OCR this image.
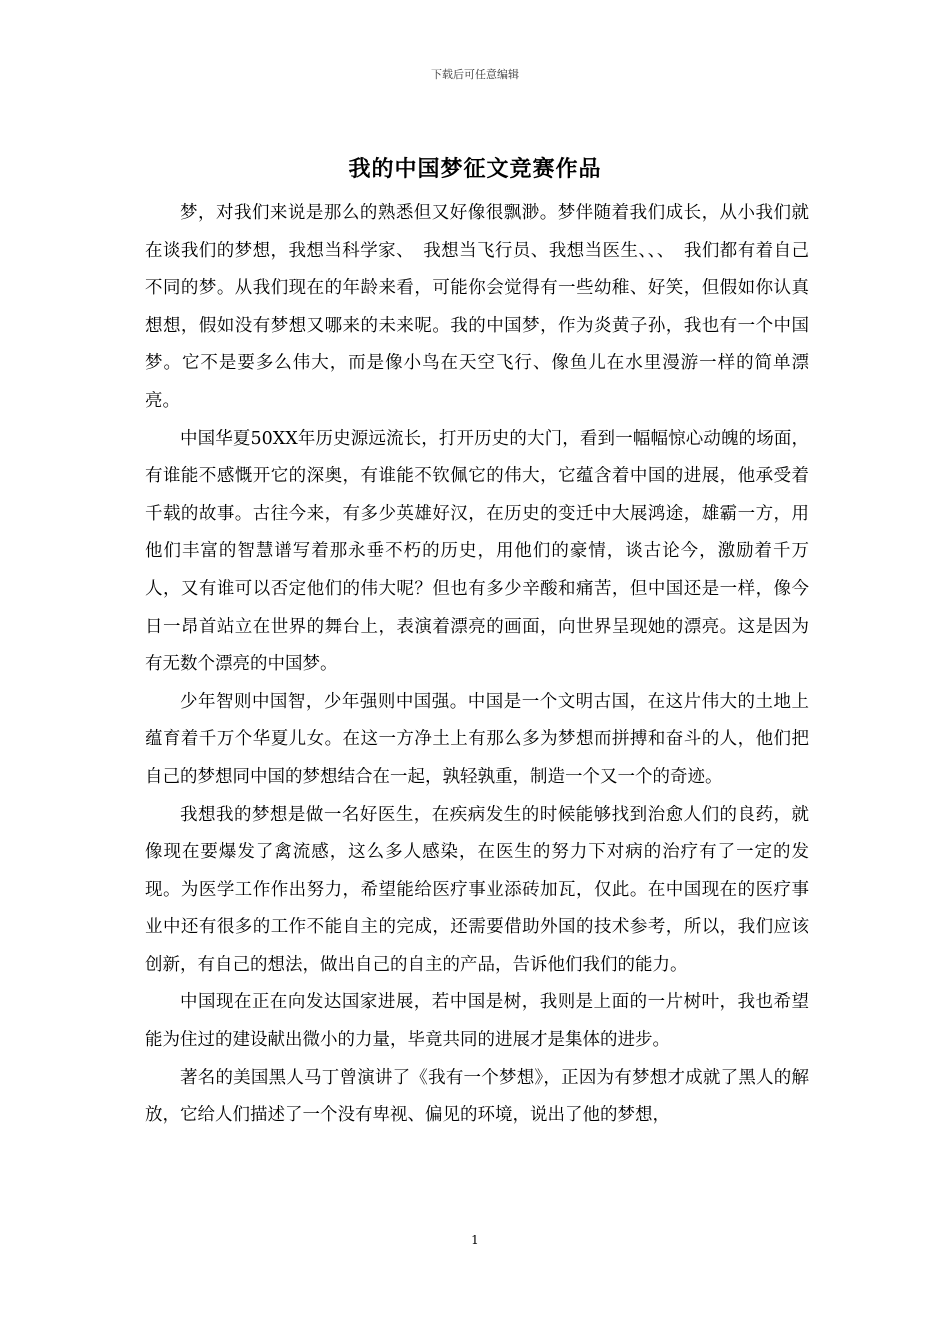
下载后可任意编辑
我的中国梦征文竞赛作品

梦，对我们来说是那么的熟悉但又好像很飘渺。梦伴随着我们成长，从小我们就在谈我们的梦想，我想当科学家、　我想当飞行员、我想当医生、、、　我们都有着自己不同的梦。从我们现在的年龄来看，可能你会觉得有一些幼稚、好笑，但假如你认真想想，假如没有梦想又哪来的未来呢。我的中国梦，作为炎黄子孙，我也有一个中国梦。它不是要多么伟大，而是像小鸟在天空飞行、像鱼儿在水里漫游一样的简单漂亮。

中国华夏50XX年历史源远流长，打开历史的大门，看到一幅幅惊心动魄的场面，有谁能不感慨开它的深奥，有谁能不钦佩它的伟大，它蕴含着中国的进展，他承受着千载的故事。古往今来，有多少英雄好汉，在历史的变迁中大展鸿途，雄霸一方，用他们丰富的智慧谱写着那永垂不朽的历史，用他们的豪情，谈古论今，激励着千万人，又有谁可以否定他们的伟大呢？但也有多少辛酸和痛苦，但中国还是一样，像今日一昂首站立在世界的舞台上，表演着漂亮的画面，向世界呈现她的漂亮。这是因为有无数个漂亮的中国梦。

少年智则中国智，少年强则中国强。中国是一个文明古国，在这片伟大的土地上蕴育着千万个华夏儿女。在这一方净土上有那么多为梦想而拼搏和奋斗的人，他们把自己的梦想同中国的梦想结合在一起，孰轻孰重，制造一个又一个的奇迹。

我想我的梦想是做一名好医生，在疾病发生的时候能够找到治愈人们的良药，就像现在要爆发了禽流感，这么多人感染，在医生的努力下对病的治疗有了一定的发现。为医学工作作出努力，希望能给医疗事业添砖加瓦，仅此。在中国现在的医疗事业中还有很多的工作不能自主的完成，还需要借助外国的技术参考，所以，我们应该创新，有自己的想法，做出自己的自主的产品，告诉他们我们的能力。

中国现在正在向发达国家进展，若中国是树，我则是上面的一片树叶，我也希望能为住过的建设献出微小的力量，毕竟共同的进展才是集体的进步。

著名的美国黑人马丁曾演讲了《我有一个梦想》，正因为有梦想才成就了黑人的解放，它给人们描述了一个没有卑视、偏见的环境，说出了他的梦想，

1
